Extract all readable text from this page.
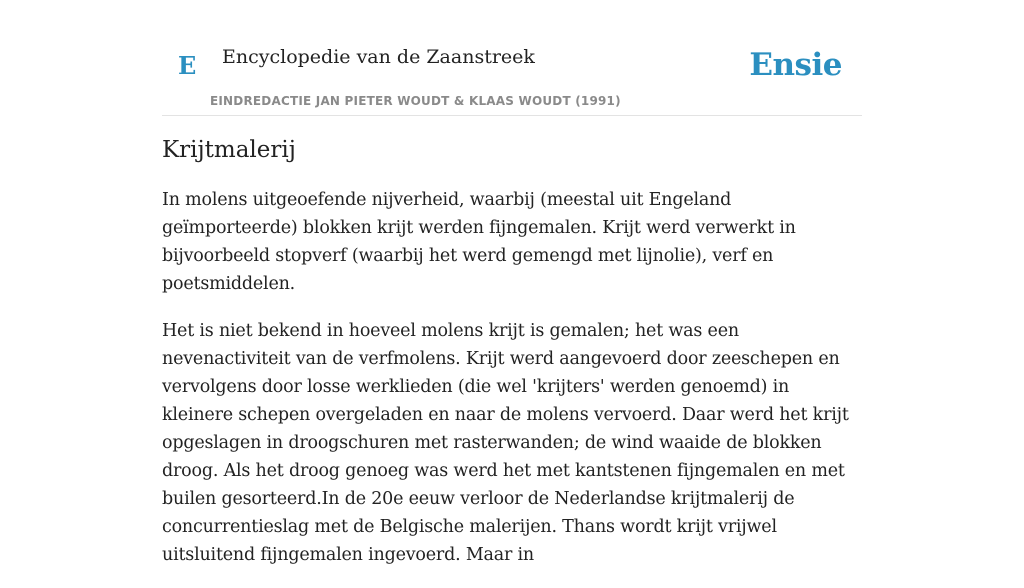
E Encyclopedie van de Zaanstreek
EINDREDACTIE JAN PIETER WOUDT & KLAAS WOUDT (1991)
Ensie
Krijtmalerij

In molens uitgeoefende nijverheid, waarbij (meestal uit Engeland geïmporteerde) blokken krijt werden fijngemalen. Krijt werd verwerkt in bijvoorbeeld stopverf (waarbij het werd gemengd met lijnolie), verf en poetsmiddelen.

Het is niet bekend in hoeveel molens krijt is gemalen; het was een nevenactiviteit van de verfmolens. Krijt werd aangevoerd door zeeschepen en vervolgens door losse werklieden (die wel 'krijters' werden genoemd) in kleinere schepen overgeladen en naar de molens vervoerd. Daar werd het krijt opgeslagen in droogschuren met rasterwanden; de wind waaide de blokken droog. Als het droog genoeg was werd het met kantstenen fijngemalen en met builen gesorteerd.In de 20e eeuw verloor de Nederlandse krijtmalerij de concurrentieslag met de Belgische malerijen. Thans wordt krijt vrijwel uitsluitend fijngemalen ingevoerd. Maar in
